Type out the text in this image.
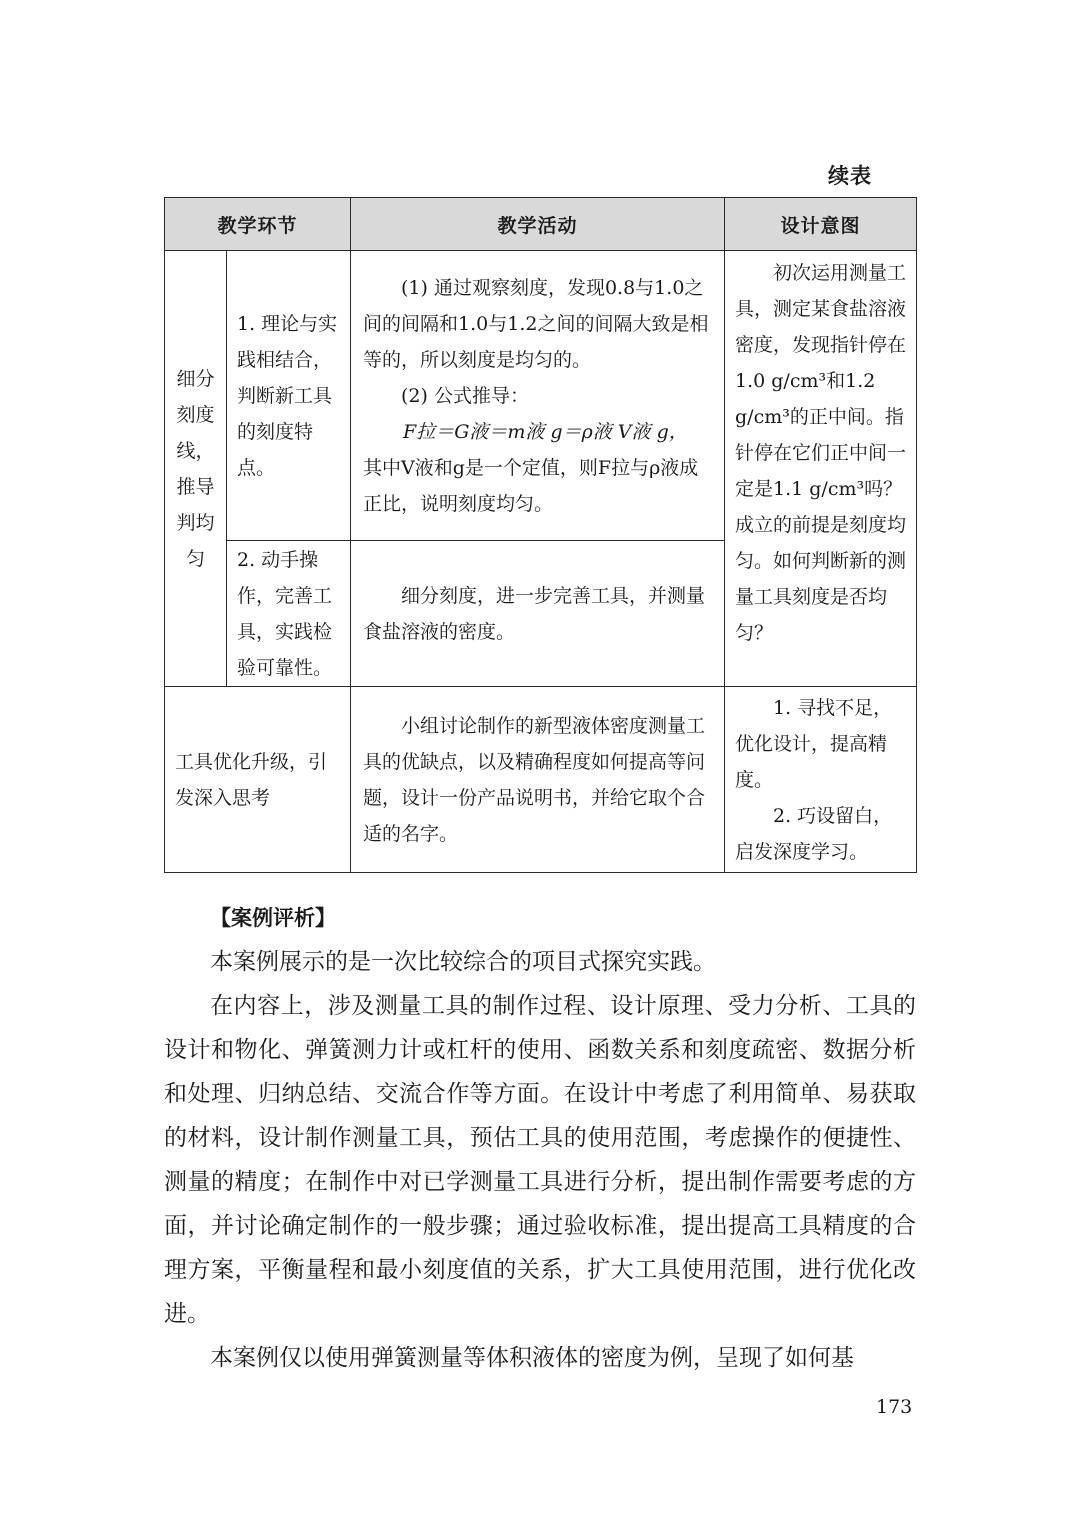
续表
教学环节		教学活动	设计意图

细分刻度线，推导判均匀	1. 理论与实践相结合，判断新工具的刻度特点。	(1) 通过观察刻度，发现0.8与1.0之间的间隔和1.0与1.2之间的间隔大致是相等的，所以刻度是均匀的。
(2) 公式推导：
F拉＝G液＝m液 g＝ρ液 V液 g，
其中V液和g是一个定值，则F拉与ρ液成正比，说明刻度均匀。	初次运用测量工具，测定某食盐溶液密度，发现指针停在1.0 g/cm³和1.2 g/cm³的正中间。指针停在它们正中间一定是1.1 g/cm³吗？成立的前提是刻度均匀。如何判断新的测量工具刻度是否均匀？

	2. 动手操作，完善工具，实践检验可靠性。	细分刻度，进一步完善工具，并测量食盐溶液的密度。	

工具优化升级，引发深入思考		小组讨论制作的新型液体密度测量工具的优缺点，以及精确程度如何提高等问题，设计一份产品说明书，并给它取个合适的名字。	1. 寻找不足，优化设计，提高精度。
2. 巧设留白，启发深度学习。
【案例评析】

本案例展示的是一次比较综合的项目式探究实践。

在内容上，涉及测量工具的制作过程、设计原理、受力分析、工具的设计和物化、弹簧测力计或杠杆的使用、函数关系和刻度疏密、数据分析和处理、归纳总结、交流合作等方面。在设计中考虑了利用简单、易获取的材料，设计制作测量工具，预估工具的使用范围，考虑操作的便捷性、测量的精度；在制作中对已学测量工具进行分析，提出制作需要考虑的方面，并讨论确定制作的一般步骤；通过验收标准，提出提高工具精度的合理方案，平衡量程和最小刻度值的关系，扩大工具使用范围，进行优化改进。

本案例仅以使用弹簧测量等体积液体的密度为例，呈现了如何基

173
